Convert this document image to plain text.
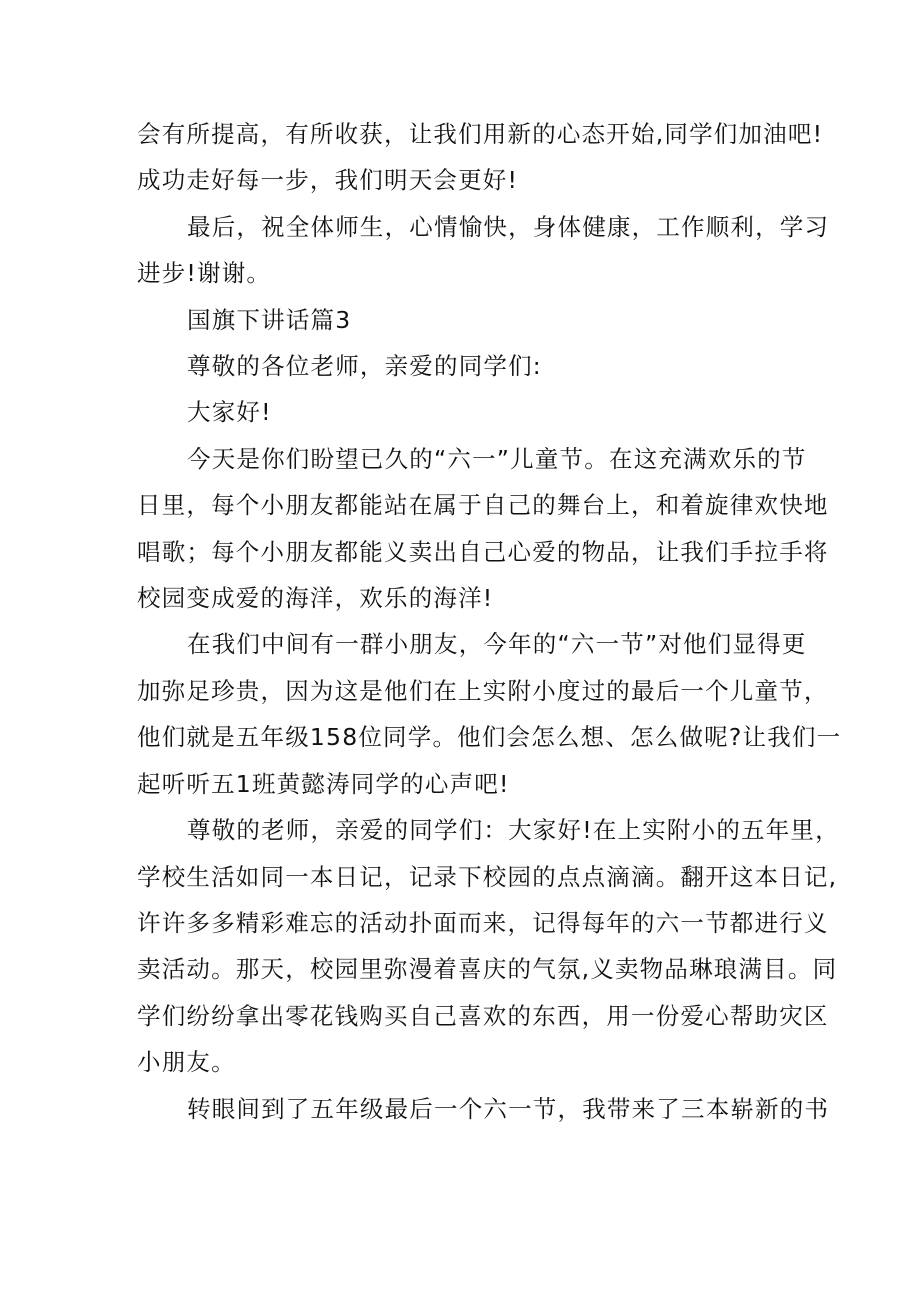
会有所提高，有所收获，让我们用新的心态开始,同学们加油吧!
成功走好每一步，我们明天会更好!

最后，祝全体师生，心情愉快，身体健康，工作顺利，学习
进步!谢谢。

国旗下讲话篇3

尊敬的各位老师，亲爱的同学们:

大家好!

今天是你们盼望已久的“六一”儿童节。在这充满欢乐的节
日里，每个小朋友都能站在属于自己的舞台上，和着旋律欢快地
唱歌；每个小朋友都能义卖出自己心爱的物品，让我们手拉手将
校园变成爱的海洋，欢乐的海洋!

在我们中间有一群小朋友，今年的“六一节”对他们显得更
加弥足珍贵，因为这是他们在上实附小度过的最后一个儿童节，
他们就是五年级158位同学。他们会怎么想、怎么做呢?让我们一
起听听五1班黄懿涛同学的心声吧!

尊敬的老师，亲爱的同学们：大家好!在上实附小的五年里，
学校生活如同一本日记，记录下校园的点点滴滴。翻开这本日记,
许许多多精彩难忘的活动扑面而来，记得每年的六一节都进行义
卖活动。那天，校园里弥漫着喜庆的气氛,义卖物品琳琅满目。同
学们纷纷拿出零花钱购买自己喜欢的东西，用一份爱心帮助灾区
小朋友。

转眼间到了五年级最后一个六一节，我带来了三本崭新的书
